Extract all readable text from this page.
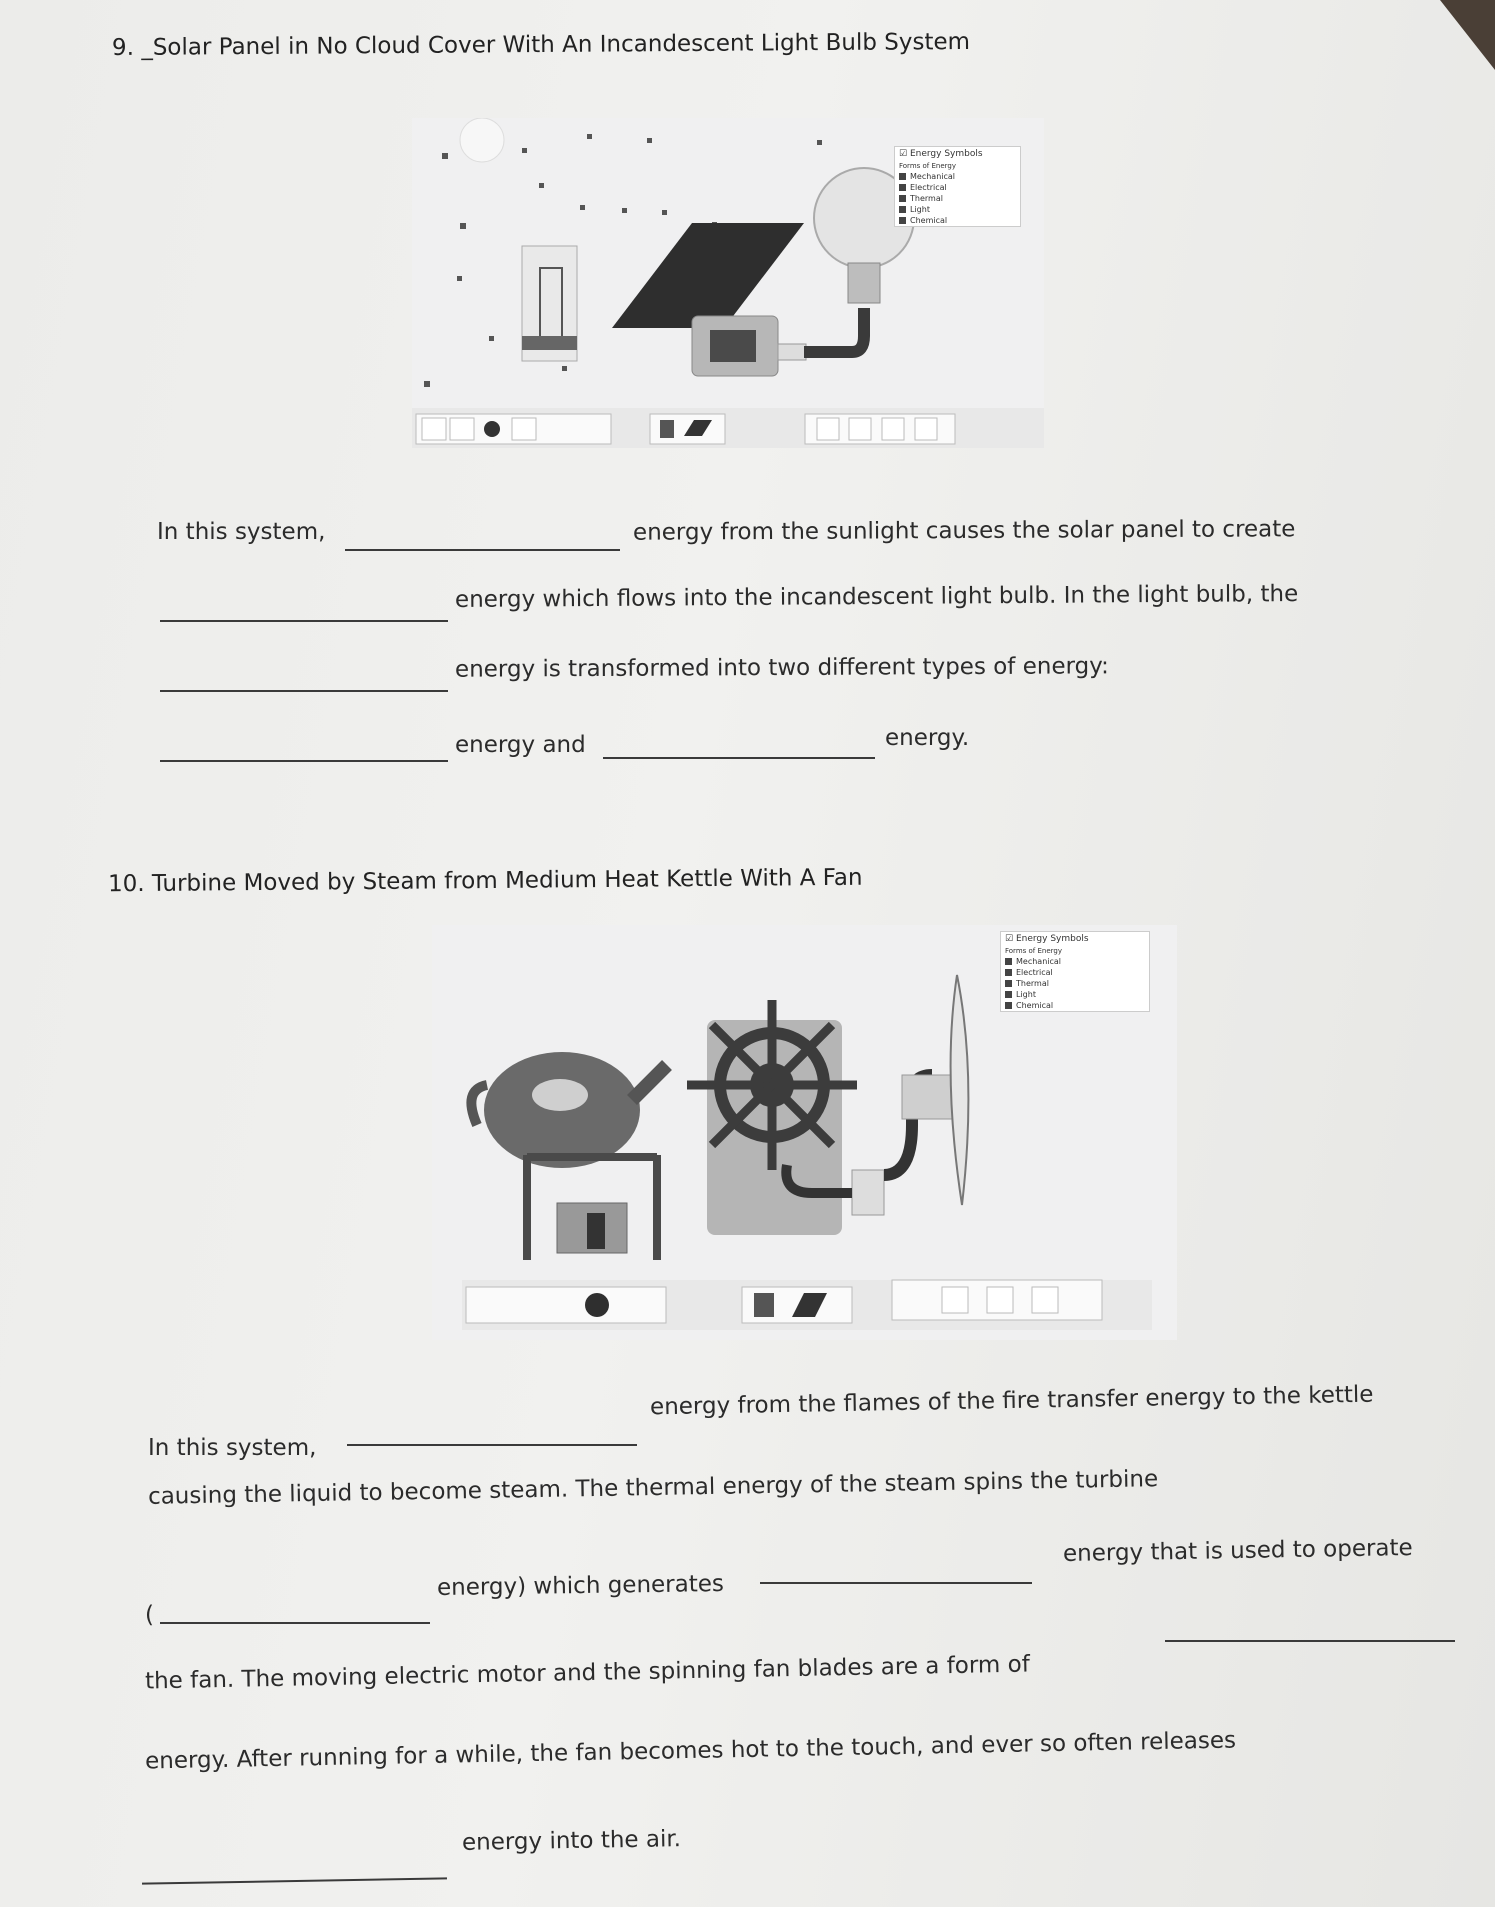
9. _Solar Panel in No Cloud Cover With An Incandescent Light Bulb System
☑ Energy Symbols
Forms of Energy
Mechanical
Electrical
Thermal
Light
Chemical
In this system,	energy from the sunlight causes the solar panel to create
energy which flows into the incandescent light bulb. In the light bulb, the
energy is transformed into two different types of energy:
energy and	energy.
10. Turbine Moved by Steam from Medium Heat Kettle With A Fan
☑ Energy Symbols
Forms of Energy
Mechanical
Electrical
Thermal
Light
Chemical
In this system,
energy from the flames of the fire transfer energy to the kettle
causing the liquid to become steam. The thermal energy of the steam spins the turbine
(
energy) which generates
energy that is used to operate
the fan. The moving electric motor and the spinning fan blades are a form of
energy. After running for a while, the fan becomes hot to the touch, and ever so often releases
energy into the air.
